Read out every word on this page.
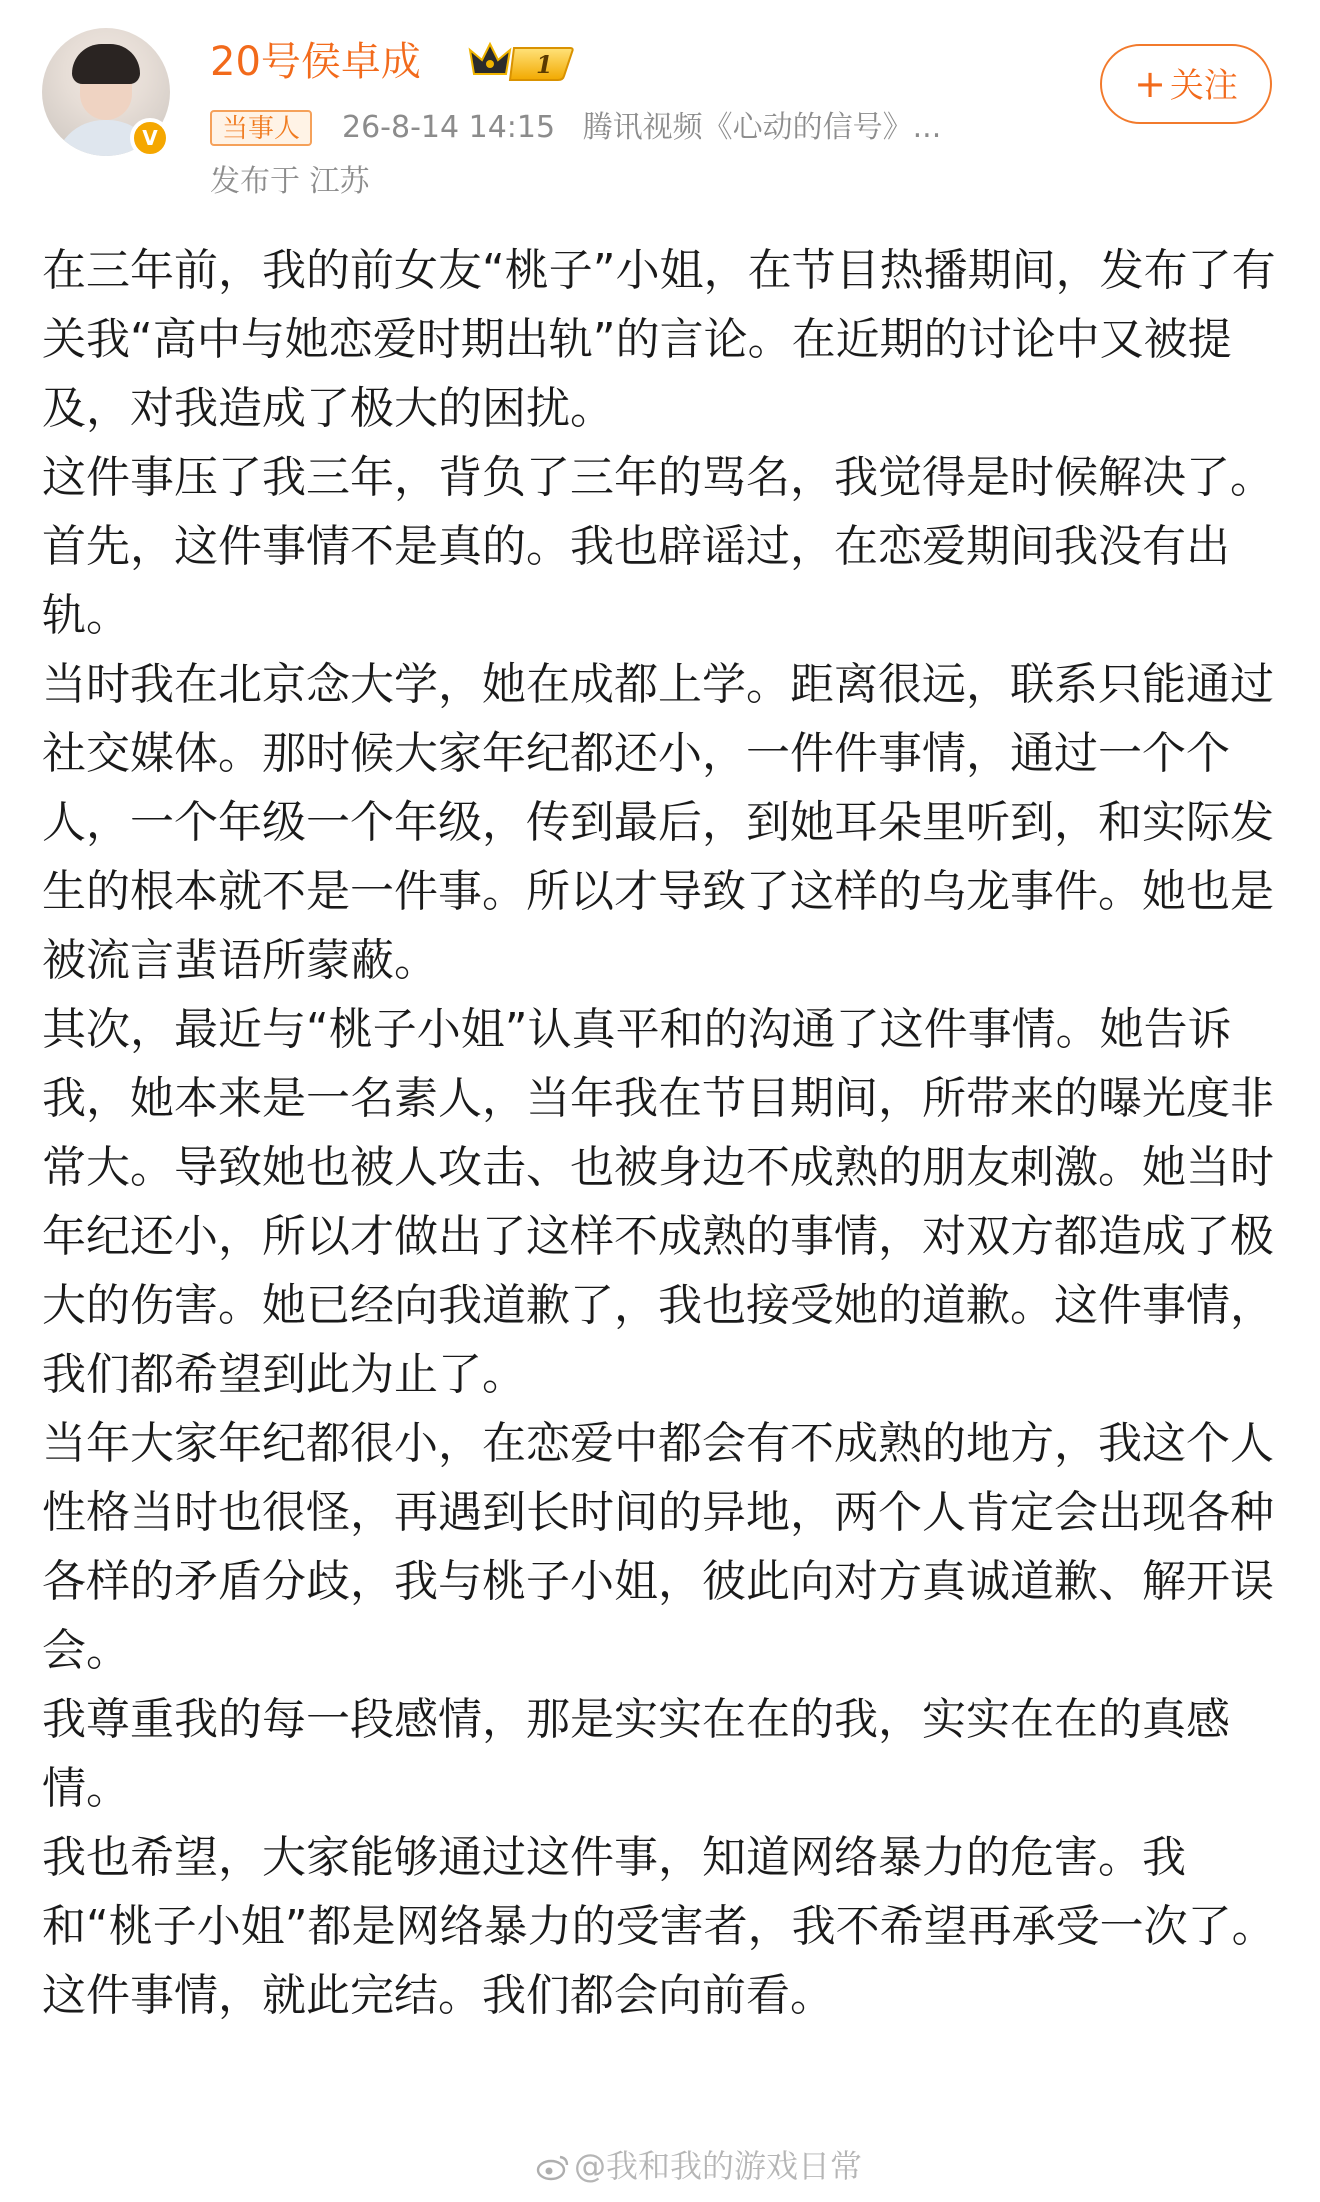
V
20号侯卓成	1
当事人	26-8-14 14:15 腾讯视频《心动的信号》...
发布于 江苏
+ 关注

在三年前，我的前女友“桃子”小姐，在节目热播期间，发布了有关我“高中与她恋爱时期出轨”的言论。在近期的讨论中又被提及，对我造成了极大的困扰。

这件事压了我三年，背负了三年的骂名，我觉得是时候解决了。

首先，这件事情不是真的。我也辟谣过，在恋爱期间我没有出轨。

当时我在北京念大学，她在成都上学。距离很远，联系只能通过社交媒体。那时候大家年纪都还小，一件件事情，通过一个个人，一个年级一个年级，传到最后，到她耳朵里听到，和实际发生的根本就不是一件事。所以才导致了这样的乌龙事件。她也是被流言蜚语所蒙蔽。

其次，最近与“桃子小姐”认真平和的沟通了这件事情。她告诉我，她本来是一名素人，当年我在节目期间，所带来的曝光度非常大。导致她也被人攻击、也被身边不成熟的朋友刺激。她当时年纪还小，所以才做出了这样不成熟的事情，对双方都造成了极大的伤害。她已经向我道歉了，我也接受她的道歉。这件事情，我们都希望到此为止了。

当年大家年纪都很小，在恋爱中都会有不成熟的地方，我这个人性格当时也很怪，再遇到长时间的异地，两个人肯定会出现各种各样的矛盾分歧，我与桃子小姐，彼此向对方真诚道歉、解开误会。

我尊重我的每一段感情，那是实实在在的我，实实在在的真感情。

我也希望，大家能够通过这件事，知道网络暴力的危害。我和“桃子小姐”都是网络暴力的受害者，我不希望再承受一次了。

这件事情，就此完结。我们都会向前看。

@我和我的游戏日常
